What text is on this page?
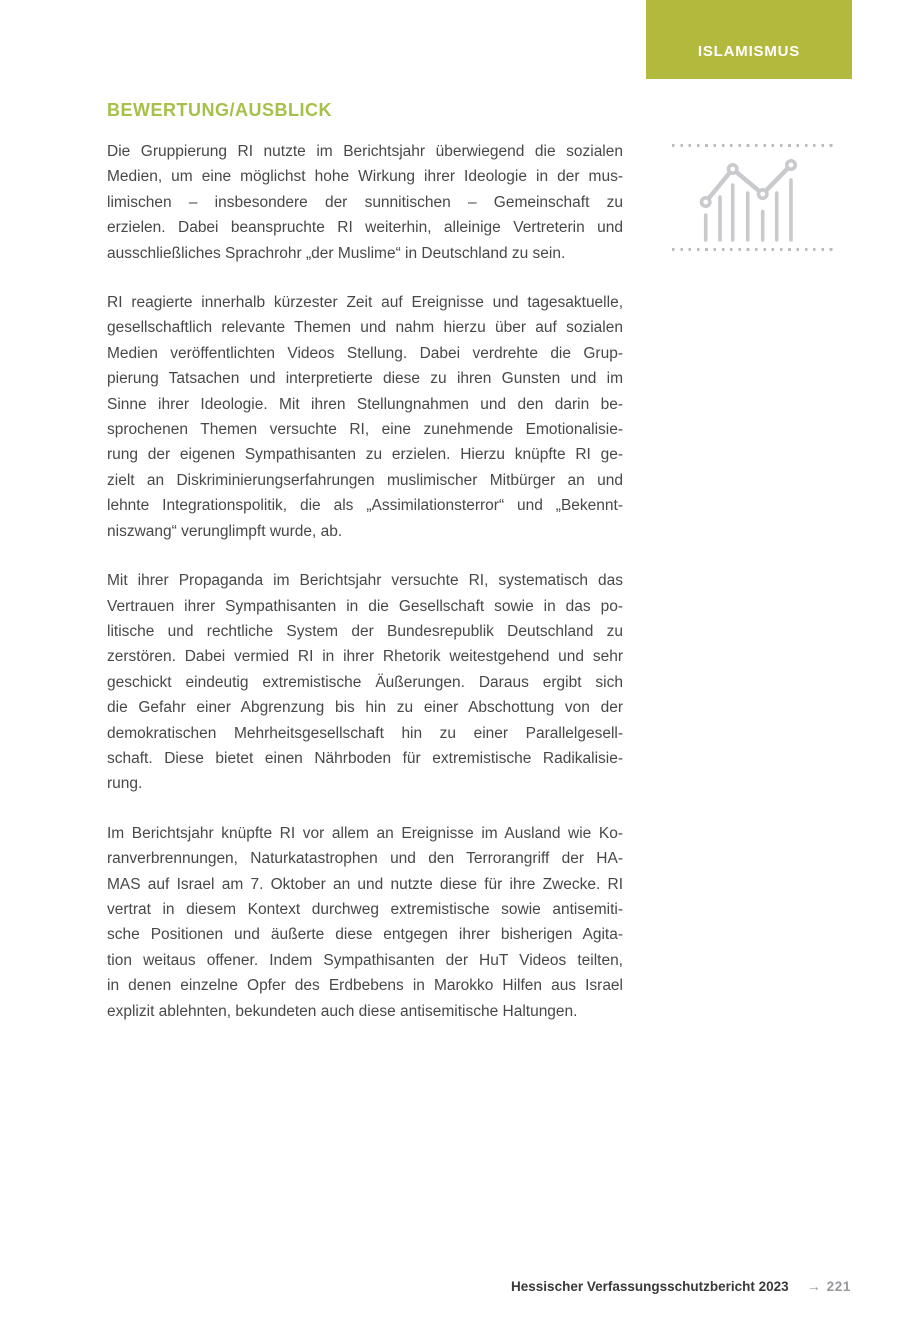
ISLAMISMUS
BEWERTUNG/AUSBLICK
Die Gruppierung RI nutzte im Berichtsjahr überwiegend die sozialen
Medien, um eine möglichst hohe Wirkung ihrer Ideologie in der mus-
limischen – insbesondere der sunnitischen – Gemeinschaft zu
erzielen. Dabei beanspruchte RI weiterhin, alleinige Vertreterin und
ausschließliches Sprachrohr „der Muslime“ in Deutschland zu sein.
RI reagierte innerhalb kürzester Zeit auf Ereignisse und tagesaktuelle,
gesellschaftlich relevante Themen und nahm hierzu über auf sozialen
Medien veröffentlichten Videos Stellung. Dabei verdrehte die Grup-
pierung Tatsachen und interpretierte diese zu ihren Gunsten und im
Sinne ihrer Ideologie. Mit ihren Stellungnahmen und den darin be-
sprochenen Themen versuchte RI, eine zunehmende Emotionalisie-
rung der eigenen Sympathisanten zu erzielen. Hierzu knüpfte RI ge-
zielt an Diskriminierungserfahrungen muslimischer Mitbürger an und
lehnte Integrationspolitik, die als „Assimilationsterror“ und „Bekennt-
niszwang“ verunglimpft wurde, ab.
Mit ihrer Propaganda im Berichtsjahr versuchte RI, systematisch das
Vertrauen ihrer Sympathisanten in die Gesellschaft sowie in das po-
litische und rechtliche System der Bundesrepublik Deutschland zu
zerstören. Dabei vermied RI in ihrer Rhetorik weitestgehend und sehr
geschickt eindeutig extremistische Äußerungen. Daraus ergibt sich
die Gefahr einer Abgrenzung bis hin zu einer Abschottung von der
demokratischen Mehrheitsgesellschaft hin zu einer Parallelgesell-
schaft. Diese bietet einen Nährboden für extremistische Radikalisie-
rung.
Im Berichtsjahr knüpfte RI vor allem an Ereignisse im Ausland wie Ko-
ranverbrennungen, Naturkatastrophen und den Terrorangriff der HA-
MAS auf Israel am 7. Oktober an und nutzte diese für ihre Zwecke. RI
vertrat in diesem Kontext durchweg extremistische sowie antisemiti-
sche Positionen und äußerte diese entgegen ihrer bisherigen Agita-
tion weitaus offener. Indem Sympathisanten der HuT Videos teilten,
in denen einzelne Opfer des Erdbebens in Marokko Hilfen aus Israel
explizit ablehnten, bekundeten auch diese antisemitische Haltungen.
Hessischer Verfassungsschutzbericht 2023 → 221
